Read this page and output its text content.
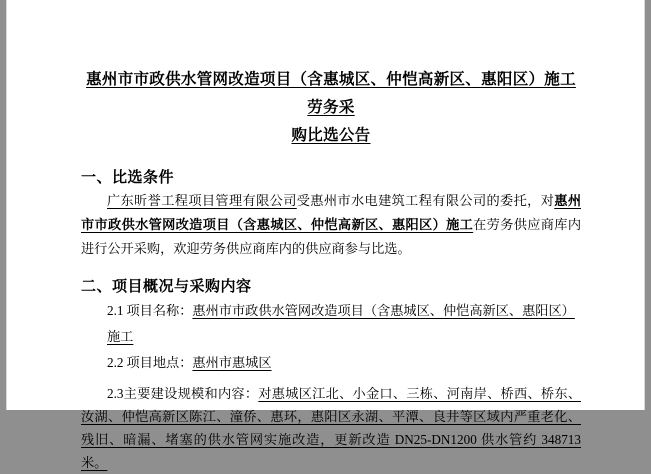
惠州市市政供水管网改造项目（含惠城区、仲恺高新区、惠阳区）施工劳务采
购比选公告
一、比选条件
广东昕誉工程项目管理有限公司受惠州市水电建筑工程有限公司的委托，对惠州市市政供水管网改造项目（含惠城区、仲恺高新区、惠阳区）施工在劳务供应商库内进行公开采购，欢迎劳务供应商库内的供应商参与比选。
二、项目概况与采购内容
2.1 项目名称：惠州市市政供水管网改造项目（含惠城区、仲恺高新区、惠阳区）施工
2.2 项目地点：惠州市惠城区
2.3主要建设规模和内容：对惠城区江北、小金口、三栋、河南岸、桥西、桥东、汝湖、仲恺高新区陈江、潼侨、惠环，惠阳区永湖、平潭、良井等区域内严重老化、残旧、暗漏、堵塞的供水管网实施改造，更新改造 DN25-DN1200 供水管约 348713 米。
